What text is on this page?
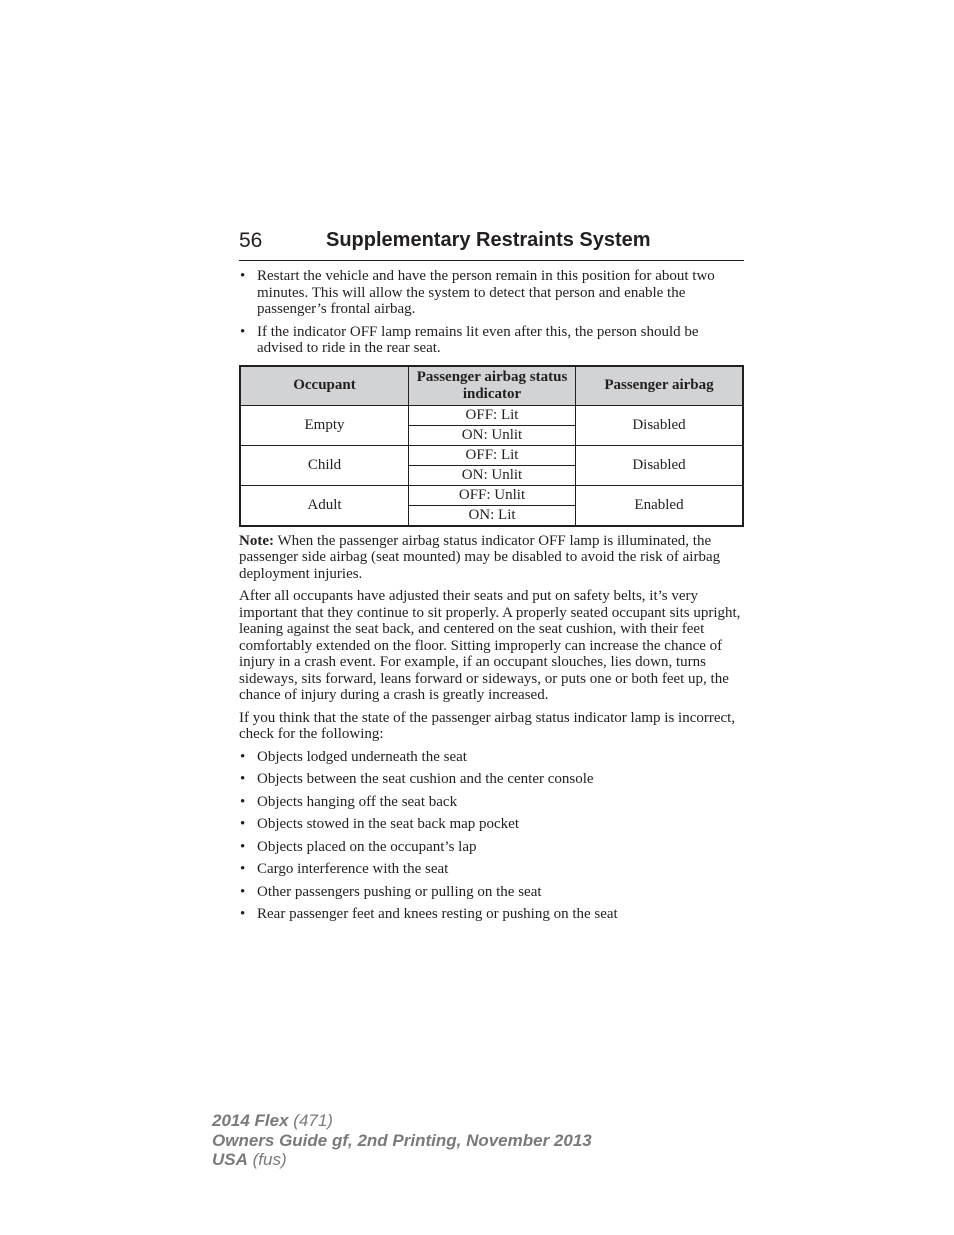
56	Supplementary Restraints System

• Restart the vehicle and have the person remain in this position for about two minutes. This will allow the system to detect that person and enable the passenger’s frontal airbag.

• If the indicator OFF lamp remains lit even after this, the person should be advised to ride in the rear seat.

Occupant	Passenger airbag status indicator	Passenger airbag
Empty	OFF: Lit	Disabled
	ON: Unlit	
Child	OFF: Lit	Disabled
	ON: Unlit	
Adult	OFF: Unlit	Enabled
	ON: Lit	

Note: When the passenger airbag status indicator OFF lamp is illuminated, the passenger side airbag (seat mounted) may be disabled to avoid the risk of airbag deployment injuries.

After all occupants have adjusted their seats and put on safety belts, it’s very important that they continue to sit properly. A properly seated occupant sits upright, leaning against the seat back, and centered on the seat cushion, with their feet comfortably extended on the floor. Sitting improperly can increase the chance of injury in a crash event. For example, if an occupant slouches, lies down, turns sideways, sits forward, leans forward or sideways, or puts one or both feet up, the chance of injury during a crash is greatly increased.

If you think that the state of the passenger airbag status indicator lamp is incorrect, check for the following:

• Objects lodged underneath the seat

• Objects between the seat cushion and the center console

• Objects hanging off the seat back

• Objects stowed in the seat back map pocket

• Objects placed on the occupant’s lap

• Cargo interference with the seat

• Other passengers pushing or pulling on the seat

• Rear passenger feet and knees resting or pushing on the seat

2014 Flex (471)
Owners Guide gf, 2nd Printing, November 2013
USA (fus)
